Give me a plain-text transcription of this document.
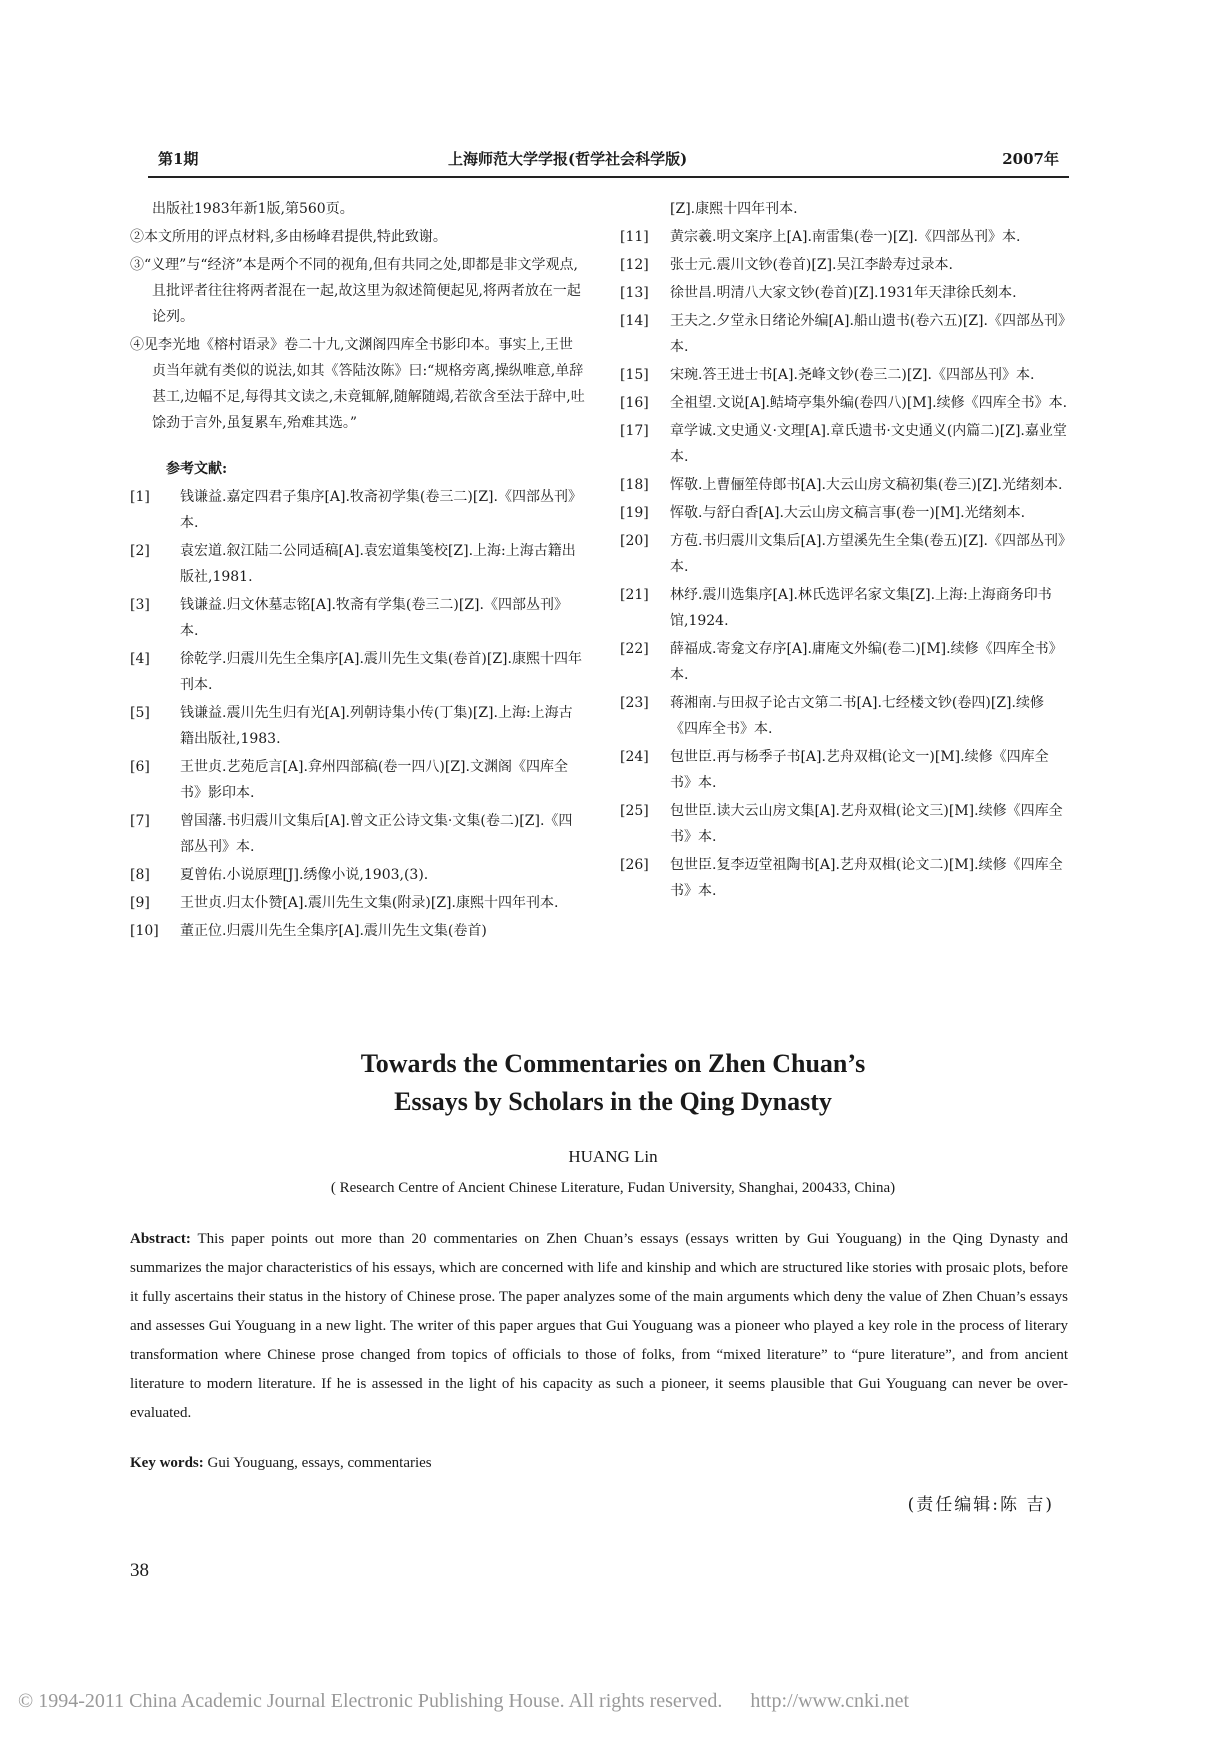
第1期	上海师范大学学报(哲学社会科学版)	2007年
出版社1983年新1版,第560页。
②本文所用的评点材料,多由杨峰君提供,特此致谢。
③“义理”与“经济”本是两个不同的视角,但有共同之处,即都是非文学观点,且批评者往往将两者混在一起,故这里为叙述简便起见,将两者放在一起论列。
④见李光地《榕村语录》卷二十九,文渊阁四库全书影印本。事实上,王世贞当年就有类似的说法,如其《答陆汝陈》曰:“规格旁离,操纵唯意,单辞甚工,边幅不足,每得其文读之,未竟辄解,随解随竭,若欲含至法于辞中,吐馀劲于言外,虽复累车,殆难其选。”
参考文献:
[1] 钱谦益.嘉定四君子集序[A].牧斋初学集(卷三二)[Z].《四部丛刊》本.
[2] 袁宏道.叙江陆二公同适稿[A].袁宏道集笺校[Z].上海:上海古籍出版社,1981.
[3] 钱谦益.归文休墓志铭[A].牧斋有学集(卷三二)[Z].《四部丛刊》本.
[4] 徐乾学.归震川先生全集序[A].震川先生文集(卷首)[Z].康熙十四年刊本.
[5] 钱谦益.震川先生归有光[A].列朝诗集小传(丁集)[Z].上海:上海古籍出版社,1983.
[6] 王世贞.艺苑卮言[A].弇州四部稿(卷一四八)[Z].文渊阁《四库全书》影印本.
[7] 曾国藩.书归震川文集后[A].曾文正公诗文集·文集(卷二)[Z].《四部丛刊》本.
[8] 夏曾佑.小说原理[J].绣像小说,1903,(3).
[9] 王世贞.归太仆赞[A].震川先生文集(附录)[Z].康熙十四年刊本.
[10] 董正位.归震川先生全集序[A].震川先生文集(卷首)
[Z].康熙十四年刊本.
[11] 黄宗羲.明文案序上[A].南雷集(卷一)[Z].《四部丛刊》本.
[12] 张士元.震川文钞(卷首)[Z].吴江李龄寿过录本.
[13] 徐世昌.明清八大家文钞(卷首)[Z].1931年天津徐氏刻本.
[14] 王夫之.夕堂永日绪论外编[A].船山遗书(卷六五)[Z].《四部丛刊》本.
[15] 宋琬.答王进士书[A].尧峰文钞(卷三二)[Z].《四部丛刊》本.
[16] 全祖望.文说[A].鲒埼亭集外编(卷四八)[M].续修《四库全书》本.
[17] 章学诚.文史通义·文理[A].章氏遗书·文史通义(内篇二)[Z].嘉业堂本.
[18] 恽敬.上曹俪笙侍郎书[A].大云山房文稿初集(卷三)[Z].光绪刻本.
[19] 恽敬.与舒白香[A].大云山房文稿言事(卷一)[M].光绪刻本.
[20] 方苞.书归震川文集后[A].方望溪先生全集(卷五)[Z].《四部丛刊》本.
[21] 林纾.震川选集序[A].林氏选评名家文集[Z].上海:上海商务印书馆,1924.
[22] 薛福成.寄龛文存序[A].庸庵文外编(卷二)[M].续修《四库全书》本.
[23] 蒋湘南.与田叔子论古文第二书[A].七经楼文钞(卷四)[Z].续修《四库全书》本.
[24] 包世臣.再与杨季子书[A].艺舟双楫(论文一)[M].续修《四库全书》本.
[25] 包世臣.读大云山房文集[A].艺舟双楫(论文三)[M].续修《四库全书》本.
[26] 包世臣.复李迈堂祖陶书[A].艺舟双楫(论文二)[M].续修《四库全书》本.
Towards the Commentaries on Zhen Chuan’s
Essays by Scholars in the Qing Dynasty
HUANG Lin
( Research Centre of Ancient Chinese Literature, Fudan University, Shanghai, 200433, China)
Abstract: This paper points out more than 20 commentaries on Zhen Chuan’s essays (essays written by Gui Youguang) in the Qing Dynasty and summarizes the major characteristics of his essays, which are concerned with life and kinship and which are structured like stories with prosaic plots, before it fully ascertains their status in the history of Chinese prose. The paper analyzes some of the main arguments which deny the value of Zhen Chuan’s essays and assesses Gui Youguang in a new light. The writer of this paper argues that Gui Youguang was a pioneer who played a key role in the process of literary transformation where Chinese prose changed from topics of officials to those of folks, from “mixed literature” to “pure literature”, and from ancient literature to modern literature. If he is assessed in the light of his capacity as such a pioneer, it seems plausible that Gui Youguang can never be over-evaluated.
Key words: Gui Youguang, essays, commentaries
(责任编辑:陈 吉)
38
© 1994-2011 China Academic Journal Electronic Publishing House. All rights reserved. http://www.cnki.net
